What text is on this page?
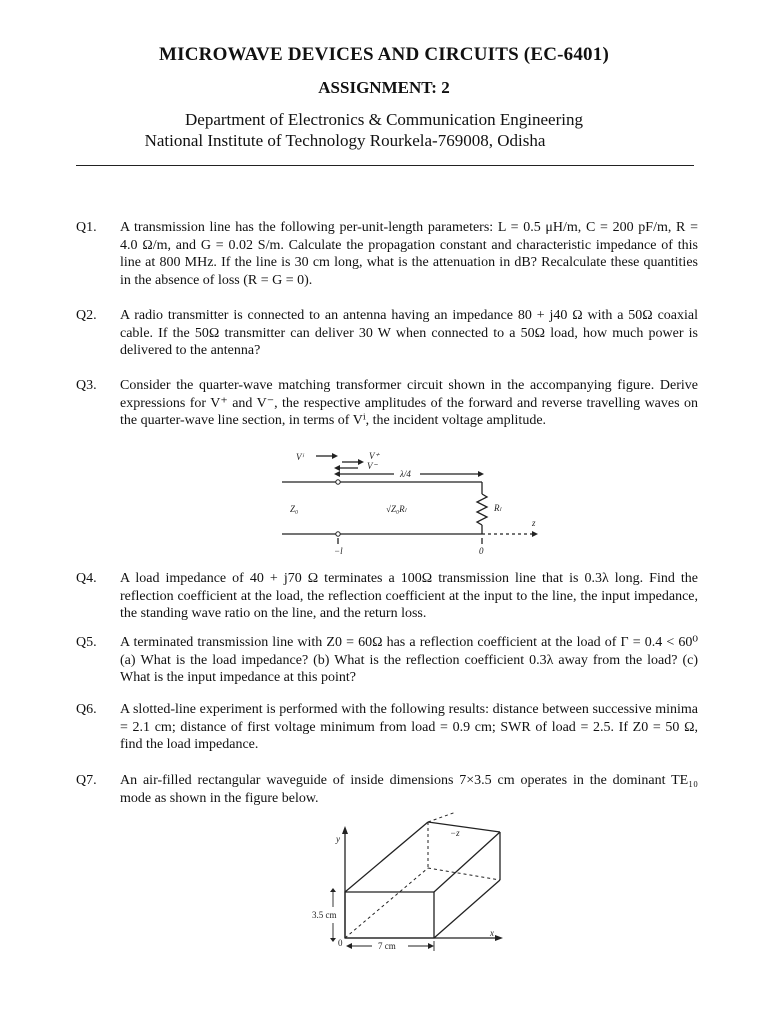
MICROWAVE DEVICES AND CIRCUITS (EC-6401)
ASSIGNMENT: 2
Department of Electronics & Communication Engineering
National Institute of Technology Rourkela-769008, Odisha
Q1.	A transmission line has the following per-unit-length parameters: L = 0.5 μH/m, C = 200 pF/m, R = 4.0 Ω/m, and G = 0.02 S/m. Calculate the propagation constant and characteristic impedance of this line at 800 MHz. If the line is 30 cm long, what is the attenuation in dB? Recalculate these quantities in the absence of loss (R = G = 0).
Q2.	A radio transmitter is connected to an antenna having an impedance 80 + j40 Ω with a 50Ω coaxial cable. If the 50Ω transmitter can deliver 30 W when connected to a 50Ω load, how much power is delivered to the antenna?
Q3.	Consider the quarter-wave matching transformer circuit shown in the accompanying figure. Derive expressions for V⁺ and V⁻, the respective amplitudes of the forward and reverse travelling waves on the quarter-wave line section, in terms of Vⁱ, the incident voltage amplitude.
Vⁱ	V⁺
V⁻
λ/4
Z₀	√Z₀Rₗ	Rₗ
−l	0
z
Q4.	A load impedance of 40 + j70 Ω terminates a 100Ω transmission line that is 0.3λ long. Find the reflection coefficient at the load, the reflection coefficient at the input to the line, the input impedance, the standing wave ratio on the line, and the return loss.
Q5.	A terminated transmission line with Z0 = 60Ω has a reflection coefficient at the load of Γ = 0.4 < 60⁰ (a) What is the load impedance? (b) What is the reflection coefficient 0.3λ away from the load? (c) What is the input impedance at this point?
Q6.	A slotted-line experiment is performed with the following results: distance between successive minima = 2.1 cm; distance of first voltage minimum from load = 0.9 cm; SWR of load = 2.5. If Z0 = 50 Ω, find the load impedance.
Q7.	An air-filled rectangular waveguide of inside dimensions 7×3.5 cm operates in the dominant TE₁₀ mode as shown in the figure below.
y
−z
3.5 cm
0	7 cm
x
